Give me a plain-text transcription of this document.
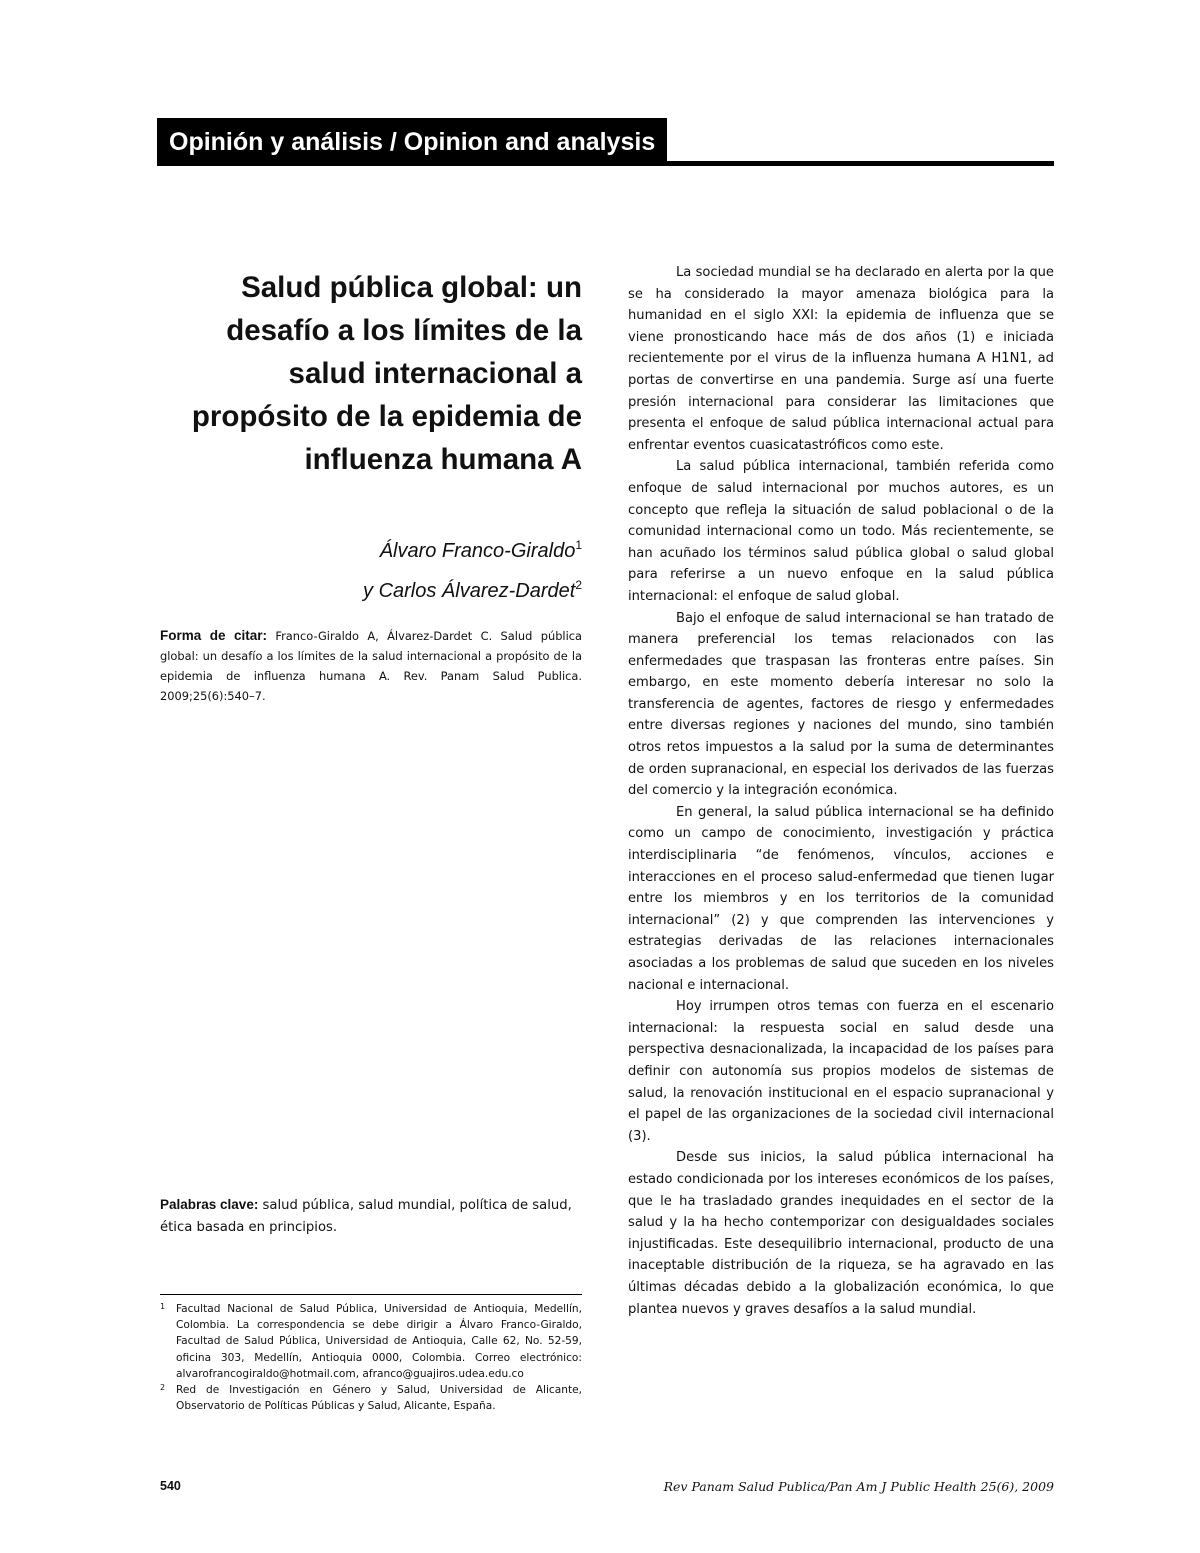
Opinión y análisis / Opinion and analysis
Salud pública global: un desafío a los límites de la salud internacional a propósito de la epidemia de influenza humana A
Álvaro Franco-Giraldo$^1$
y Carlos Álvarez-Dardet$^2$
Forma de citar: Franco-Giraldo A, Álvarez-Dardet C. Salud pública global: un desafío a los límites de la salud internacional a propósito de la epidemia de influenza humana A. Rev. Panam Salud Publica. 2009;25(6):540–7.
Palabras clave: salud pública, salud mundial, política de salud, ética basada en principios.
1 Facultad Nacional de Salud Pública, Universidad de Antioquia, Medellín, Colombia. La correspondencia se debe dirigir a Álvaro Franco-Giraldo, Facultad de Salud Pública, Universidad de Antioquia, Calle 62, No. 52-59, oficina 303, Medellín, Antioquia 0000, Colombia. Correo electrónico: alvarofrancogiraldo@hotmail.com, afranco@guajiros.udea.edu.co
2 Red de Investigación en Género y Salud, Universidad de Alicante, Observatorio de Políticas Públicas y Salud, Alicante, España.

La sociedad mundial se ha declarado en alerta por la que se ha considerado la mayor amenaza biológica para la humanidad en el siglo XXI: la epidemia de influenza que se viene pronosticando hace más de dos años (1) e iniciada recientemente por el virus de la influenza humana A H1N1, ad portas de convertirse en una pandemia. Surge así una fuerte presión internacional para considerar las limitaciones que presenta el enfoque de salud pública internacional actual para enfrentar eventos cuasicatastróficos como este.

La salud pública internacional, también referida como enfoque de salud internacional por muchos autores, es un concepto que refleja la situación de salud poblacional o de la comunidad internacional como un todo. Más recientemente, se han acuñado los términos salud pública global o salud global para referirse a un nuevo enfoque en la salud pública internacional: el enfoque de salud global.

Bajo el enfoque de salud internacional se han tratado de manera preferencial los temas relacionados con las enfermedades que traspasan las fronteras entre países. Sin embargo, en este momento debería interesar no solo la transferencia de agentes, factores de riesgo y enfermedades entre diversas regiones y naciones del mundo, sino también otros retos impuestos a la salud por la suma de determinantes de orden supranacional, en especial los derivados de las fuerzas del comercio y la integración económica.

En general, la salud pública internacional se ha definido como un campo de conocimiento, investigación y práctica interdisciplinaria “de fenómenos, vínculos, acciones e interacciones en el proceso salud-enfermedad que tienen lugar entre los miembros y en los territorios de la comunidad internacional” (2) y que comprenden las intervenciones y estrategias derivadas de las relaciones internacionales asociadas a los problemas de salud que suceden en los niveles nacional e internacional.

Hoy irrumpen otros temas con fuerza en el escenario internacional: la respuesta social en salud desde una perspectiva desnacionalizada, la incapacidad de los países para definir con autonomía sus propios modelos de sistemas de salud, la renovación institucional en el espacio supranacional y el papel de las organizaciones de la sociedad civil internacional (3).

Desde sus inicios, la salud pública internacional ha estado condicionada por los intereses económicos de los países, que le ha trasladado grandes inequidades en el sector de la salud y la ha hecho contemporizar con desigualdades sociales injustificadas. Este desequilibrio internacional, producto de una inaceptable distribución de la riqueza, se ha agravado en las últimas décadas debido a la globalización económica, lo que plantea nuevos y graves desafíos a la salud mundial.

540	Rev Panam Salud Publica/Pan Am J Public Health 25(6), 2009
